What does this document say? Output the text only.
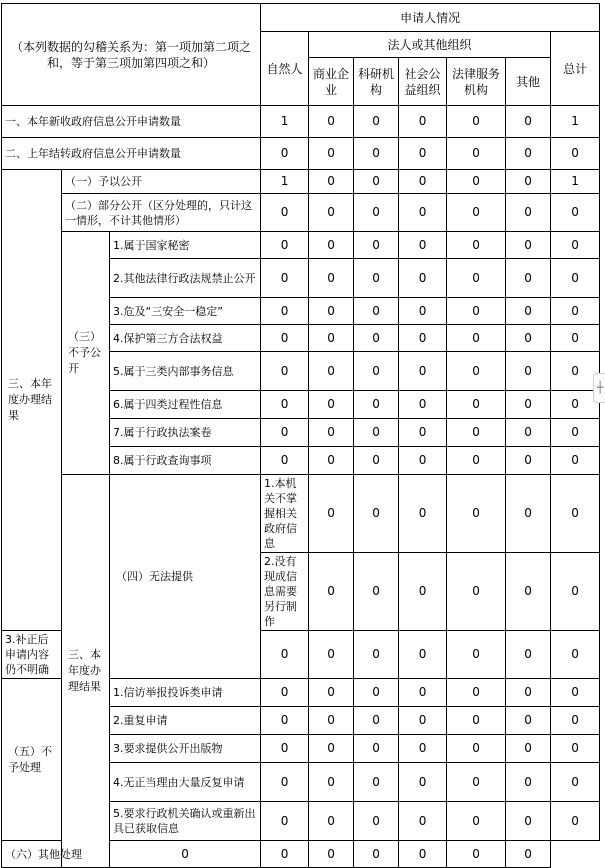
（本列数据的勾稽关系为：第一项加第二项之和，等于第三项加第四项之和）			申请人情况							
			自然人	法人或其他组织					总计	
				商业企业	科研机构	社会公益组织	法律服务机构	其他		
一、本年新收政府信息公开申请数量			1	0	0	0	0	0	1	
二、上年结转政府信息公开申请数量			0	0	0	0	0	0	0	
三、本年度办理结果	（一）予以公开		1	0	0	0	0	0	1	
	（二）部分公开（区分处理的，只计这一情形，不计其他情形）		0	0	0	0	0	0	0	
	（三）不予公开	1.属于国家秘密	0	0	0	0	0	0	0	
		2.其他法律行政法规禁止公开	0	0	0	0	0	0	0	
		3.危及“三安全一稳定”	0	0	0	0	0	0	0	
		4.保护第三方合法权益	0	0	0	0	0	0	0	
		5.属于三类内部事务信息	0	0	0	0	0	0	0	
		6.属于四类过程性信息	0	0	0	0	0	0	0	
		7.属于行政执法案卷	0	0	0	0	0	0	0	
		8.属于行政查询事项	0	0	0	0	0	0	0	
	三、本年度办理结果	（四）无法提供	1.本机关不掌握相关政府信息	0	0	0	0	0	0	
			2.没有现成信息需要另行制作	0	0	0	0	0	0	
3.补正后申请内容仍不明确			0	0	0	0	0	0	0	
（五）不予处理		1.信访举报投诉类申请	0	0	0	0	0	0	0	
		2.重复申请	0	0	0	0	0	0	0	
		3.要求提供公开出版物	0	0	0	0	0	0	0	
		4.无正当理由大量反复申请	0	0	0	0	0	0	0	
		5.要求行政机关确认或重新出具已获取信息	0	0	0	0	0	0	0	
（六）其他处理		0	0	0	0	0	0	0		
┼
